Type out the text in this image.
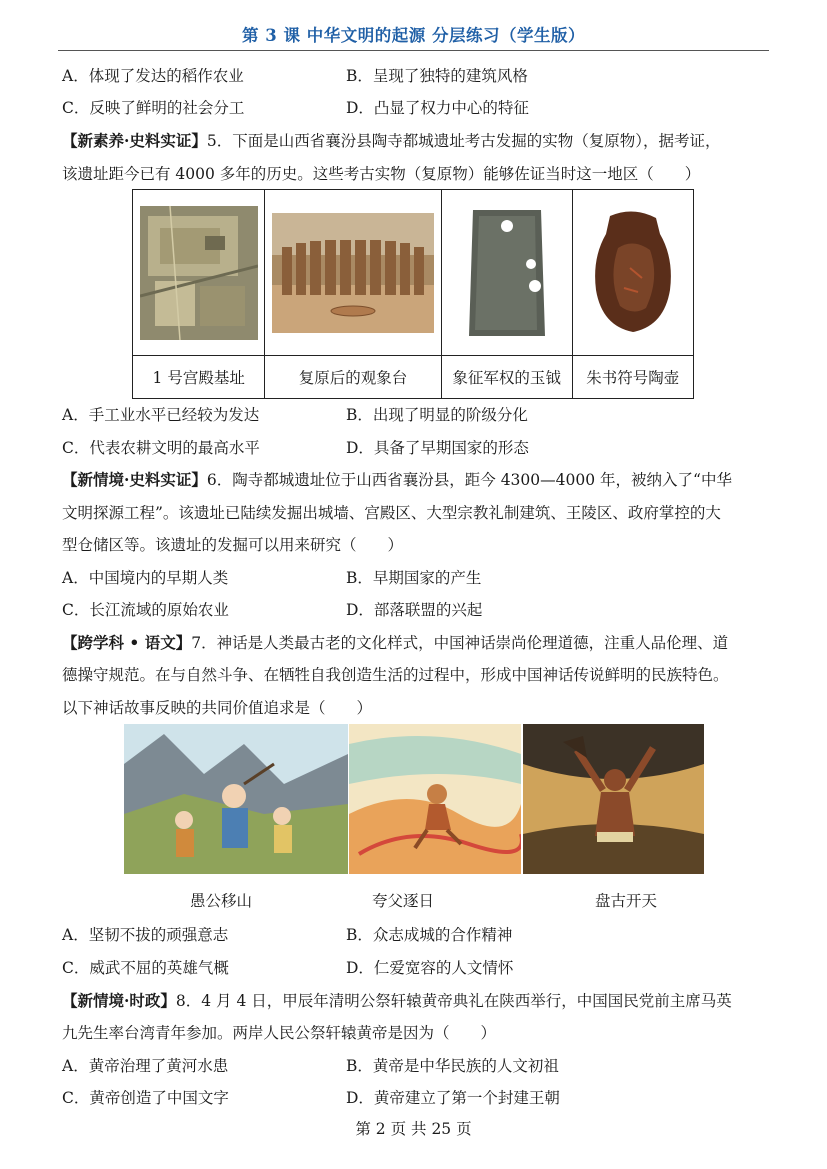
第 3 课 中华文明的起源 分层练习（学生版）
A．体现了发达的稻作农业	B．呈现了独特的建筑风格
C．反映了鲜明的社会分工	D．凸显了权力中心的特征
【新素养·史料实证】5．下面是山西省襄汾县陶寺都城遗址考古发掘的实物（复原物），据考证，
该遗址距今已有 4000 多年的历史。这些考古实物（复原物）能够佐证当时这一地区（　　）

1 号宫殿基址	复原后的观象台	象征军权的玉钺	朱书符号陶壶
A．手工业水平已经较为发达	B．出现了明显的阶级分化
C．代表农耕文明的最高水平	D．具备了早期国家的形态
【新情境·史料实证】6．陶寺都城遗址位于山西省襄汾县，距今 4300—4000 年，被纳入了“中华
文明探源工程”。该遗址已陆续发掘出城墙、宫殿区、大型宗教礼制建筑、王陵区、政府掌控的大
型仓储区等。该遗址的发掘可以用来研究（　　）
A．中国境内的早期人类	B．早期国家的产生
C．长江流域的原始农业	D．部落联盟的兴起
【跨学科 • 语文】7．神话是人类最古老的文化样式，中国神话崇尚伦理道德，注重人品伦理、道
德操守规范。在与自然斗争、在牺牲自我创造生活的过程中，形成中国神话传说鲜明的民族特色。
以下神话故事反映的共同价值追求是（　　）
愚公移山	夸父逐日	盘古开天
A．坚韧不拔的顽强意志	B．众志成城的合作精神
C．威武不屈的英雄气概	D．仁爱宽容的人文情怀
【新情境·时政】8．4 月 4 日，甲辰年清明公祭轩辕黄帝典礼在陕西举行，中国国民党前主席马英
九先生率台湾青年参加。两岸人民公祭轩辕黄帝是因为（　　）
A．黄帝治理了黄河水患	B．黄帝是中华民族的人文初祖
C．黄帝创造了中国文字	D．黄帝建立了第一个封建王朝
第 2 页 共 25 页
